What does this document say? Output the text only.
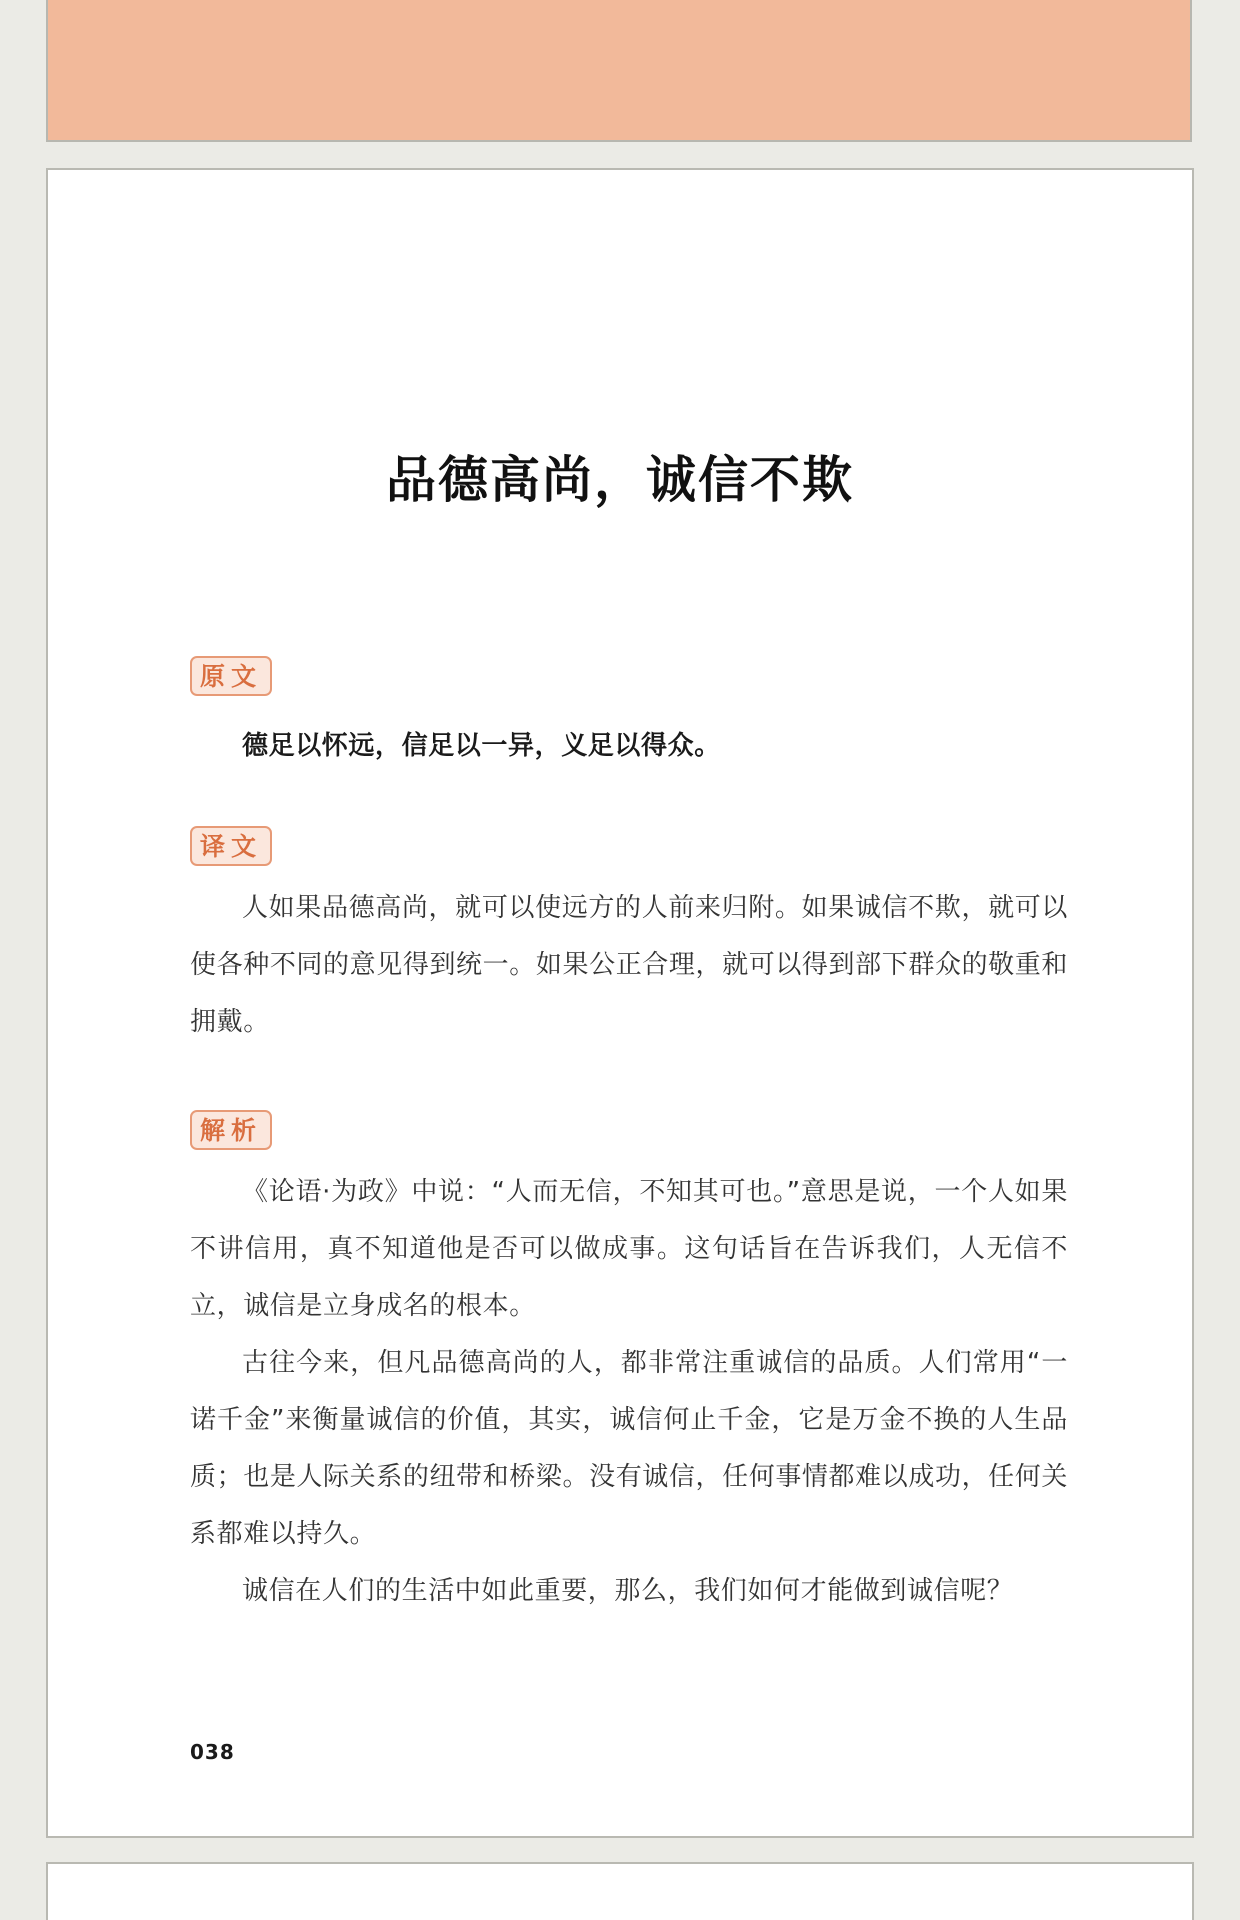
品德高尚，诚信不欺
原文

德足以怀远，信足以一异，义足以得众。

译文

人如果品德高尚，就可以使远方的人前来归附。如果诚信不欺，就可以使各种不同的意见得到统一。如果公正合理，就可以得到部下群众的敬重和拥戴。

解析

《论语·为政》中说：“人而无信，不知其可也。”意思是说，一个人如果不讲信用，真不知道他是否可以做成事。这句话旨在告诉我们，人无信不立，诚信是立身成名的根本。

古往今来，但凡品德高尚的人，都非常注重诚信的品质。人们常用“一诺千金”来衡量诚信的价值，其实，诚信何止千金，它是万金不换的人生品质；也是人际关系的纽带和桥梁。没有诚信，任何事情都难以成功，任何关系都难以持久。

诚信在人们的生活中如此重要，那么，我们如何才能做到诚信呢？

038
